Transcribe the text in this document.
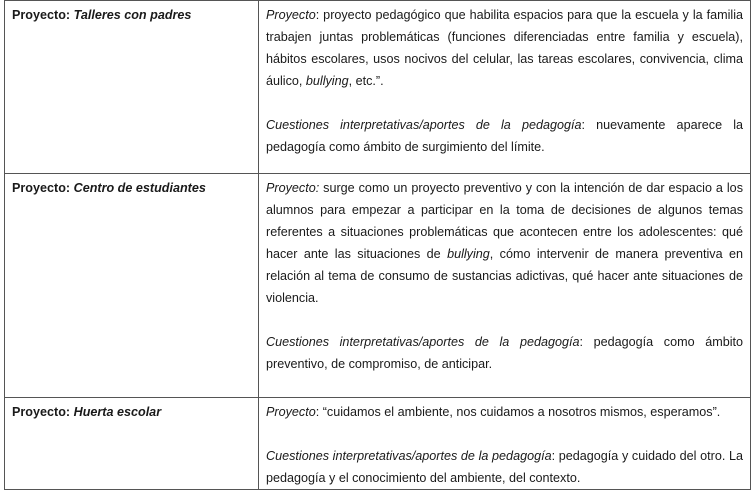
Proyecto: Talleres con padres	Proyecto: proyecto pedagógico que habilita espacios para que la escuela y la familia trabajen juntas problemáticas (funciones diferenciadas entre familia y escuela), hábitos escolares, usos nocivos del celular, las tareas escolares, convivencia, clima áulico, bullying, etc.”.

Cuestiones interpretativas/aportes de la pedagogía: nuevamente aparece la pedagogía como ámbito de surgimiento del límite.

Proyecto: Centro de estudiantes	Proyecto: surge como un proyecto preventivo y con la intención de dar espacio a los alumnos para empezar a participar en la toma de decisiones de algunos temas referentes a situaciones problemáticas que acontecen entre los adolescentes: qué hacer ante las situaciones de bullying, cómo intervenir de manera preventiva en relación al tema de consumo de sustancias adictivas, qué hacer ante situaciones de violencia.

Cuestiones interpretativas/aportes de la pedagogía: pedagogía como ámbito preventivo, de compromiso, de anticipar.

Proyecto: Huerta escolar	Proyecto: “cuidamos el ambiente, nos cuidamos a nosotros mismos, esperamos”.

Cuestiones interpretativas/aportes de la pedagogía: pedagogía y cuidado del otro. La pedagogía y el conocimiento del ambiente, del contexto.
